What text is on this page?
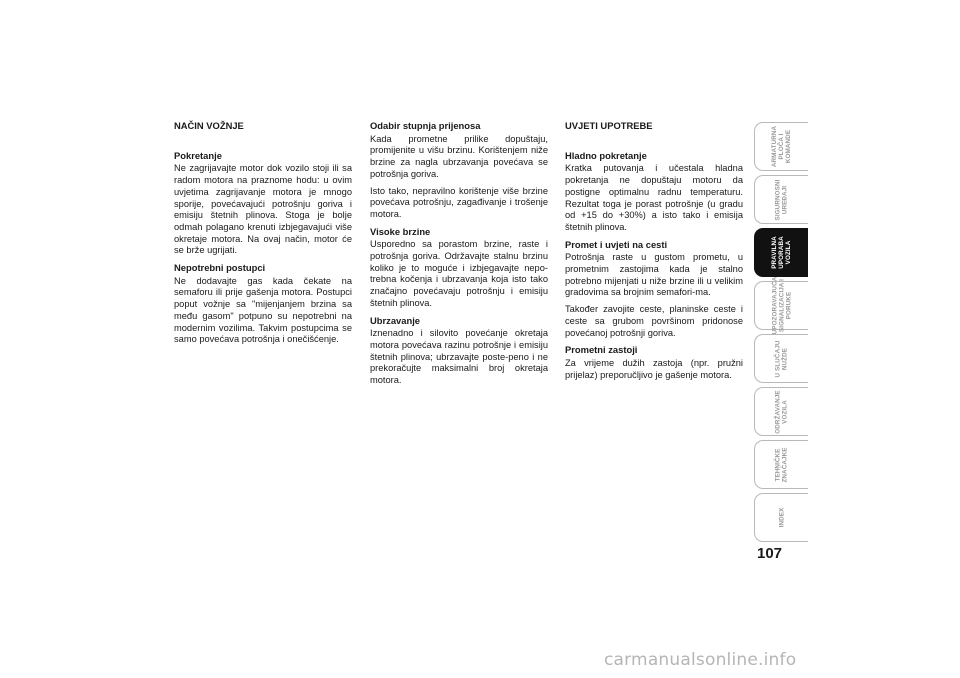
NAČIN VOŽNJE
Pokretanje

Ne zagrijavajte motor dok vozilo stoji ili sa radom motora na praznome hodu: u ovim uvjetima zagrijavanje motora je mnogo sporije, povećavajući potrošnju goriva i emisiju štetnih plinova. Stoga je bolje odmah polagano krenuti izbjegavajući više okretaje motora. Na ovaj način, motor će se brže ugrijati.

Nepotrebni postupci

Ne dodavajte gas kada čekate na semaforu ili prije gašenja motora. Postupci poput vožnje sa "mijenjanjem brzina sa među gasom" potpuno su nepotrebni na modernim vozilima. Takvim postupcima se samo povećava potrošnja i onečišćenje.

Odabir stupnja prijenosa

Kada prometne prilike dopuštaju, promijenite u višu brzinu. Korištenjem niže brzine za nagla ubrzavanja povećava se potrošnja goriva.

Isto tako, nepravilno korištenje više brzine povećava potrošnju, zagađivanje i trošenje motora.

Visoke brzine

Usporedno sa porastom brzine, raste i potrošnja goriva. Održavajte stalnu brzinu koliko je to moguće i izbjegavajte nepo-trebna kočenja i ubrzavanja koja isto tako značajno povećavaju potrošnju i emisiju štetnih plinova.

Ubrzavanje

Iznenadno i silovito povećanje okretaja motora povećava razinu potrošnje i emisiju štetnih plinova; ubrzavajte poste-peno i ne prekoračujte maksimalni broj okretaja motora.

UVJETI UPOTREBE
Hladno pokretanje

Kratka putovanja i učestala hladna pokretanja ne dopuštaju motoru da postigne optimalnu radnu temperaturu. Rezultat toga je porast potrošnje (u gradu od +15 do +30%) a isto tako i emisija štetnih plinova.

Promet i uvjeti na cesti

Potrošnja raste u gustom prometu, u prometnim zastojima kada je stalno potrebno mijenjati u niže brzine ili u velikim gradovima sa brojnim semafori-ma.

Također zavojite ceste, planinske ceste i ceste sa grubom površinom pridonose povećanoj potrošnji goriva.

Prometni zastoji

Za vrijeme dužih zastoja (npr. pružni prijelaz) preporučljivo je gašenje motora.

ARMATURNA
PLOČA I
KOMANDE
SIGURNOSNI
UREĐAJI
PRAVILNA
UPORABA
VOZILA
UPOZORAVAJUĆA
SIGNALIZACIJA I
PORUKE
U SLUČAJU
NUŽDE
ODRŽAVANJE
VOZILA
TEHNIČKE
ZNAČAJKE
INDEX
107
carmanualsonline.info
